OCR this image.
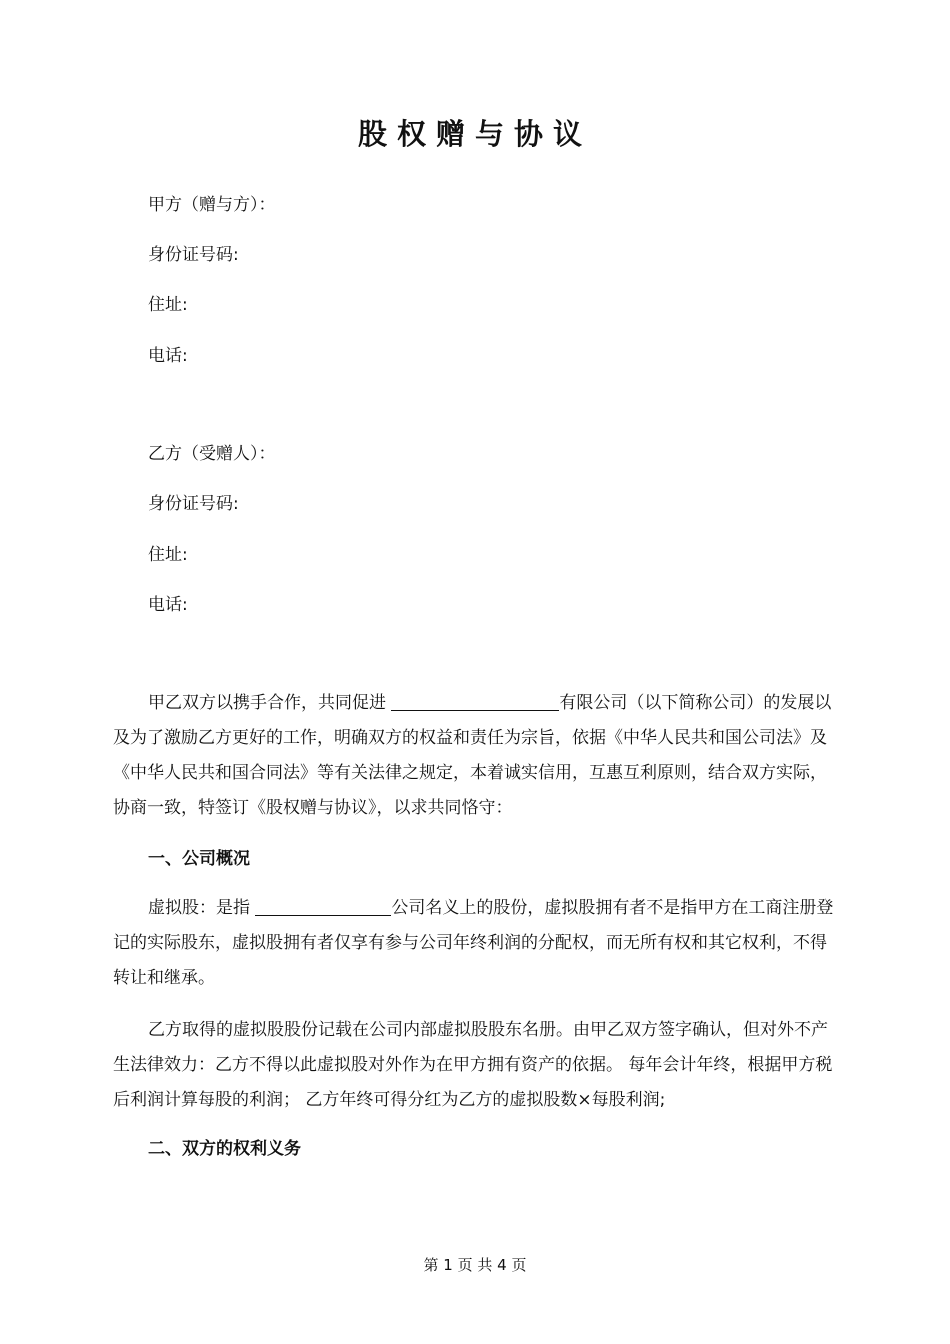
股权赠与协议

甲方（赠与方）：

身份证号码:

住址:

电话:

乙方（受赠人）：

身份证号码:

住址:

电话:

甲乙双方以携手合作，共同促进	有限公司（以下简称公司）的发展以及为了激励乙方更好的工作，明确双方的权益和责任为宗旨，依据《中华人民共和国公司法》及《中华人民共和国合同法》等有关法律之规定，本着诚实信用，互惠互利原则，结合双方实际，协商一致，特签订《股权赠与协议》，以求共同恪守：

一、公司概况

虚拟股：是指	公司名义上的股份，虚拟股拥有者不是指甲方在工商注册登记的实际股东，虚拟股拥有者仅享有参与公司年终利润的分配权，而无所有权和其它权利，不得转让和继承。

乙方取得的虚拟股股份记载在公司内部虚拟股股东名册。由甲乙双方签字确认，但对外不产生法律效力：乙方不得以此虚拟股对外作为在甲方拥有资产的依据。 每年会计年终，根据甲方税后利润计算每股的利润； 乙方年终可得分红为乙方的虚拟股数×每股利润;

二、双方的权利义务

第 1 页 共 4 页
